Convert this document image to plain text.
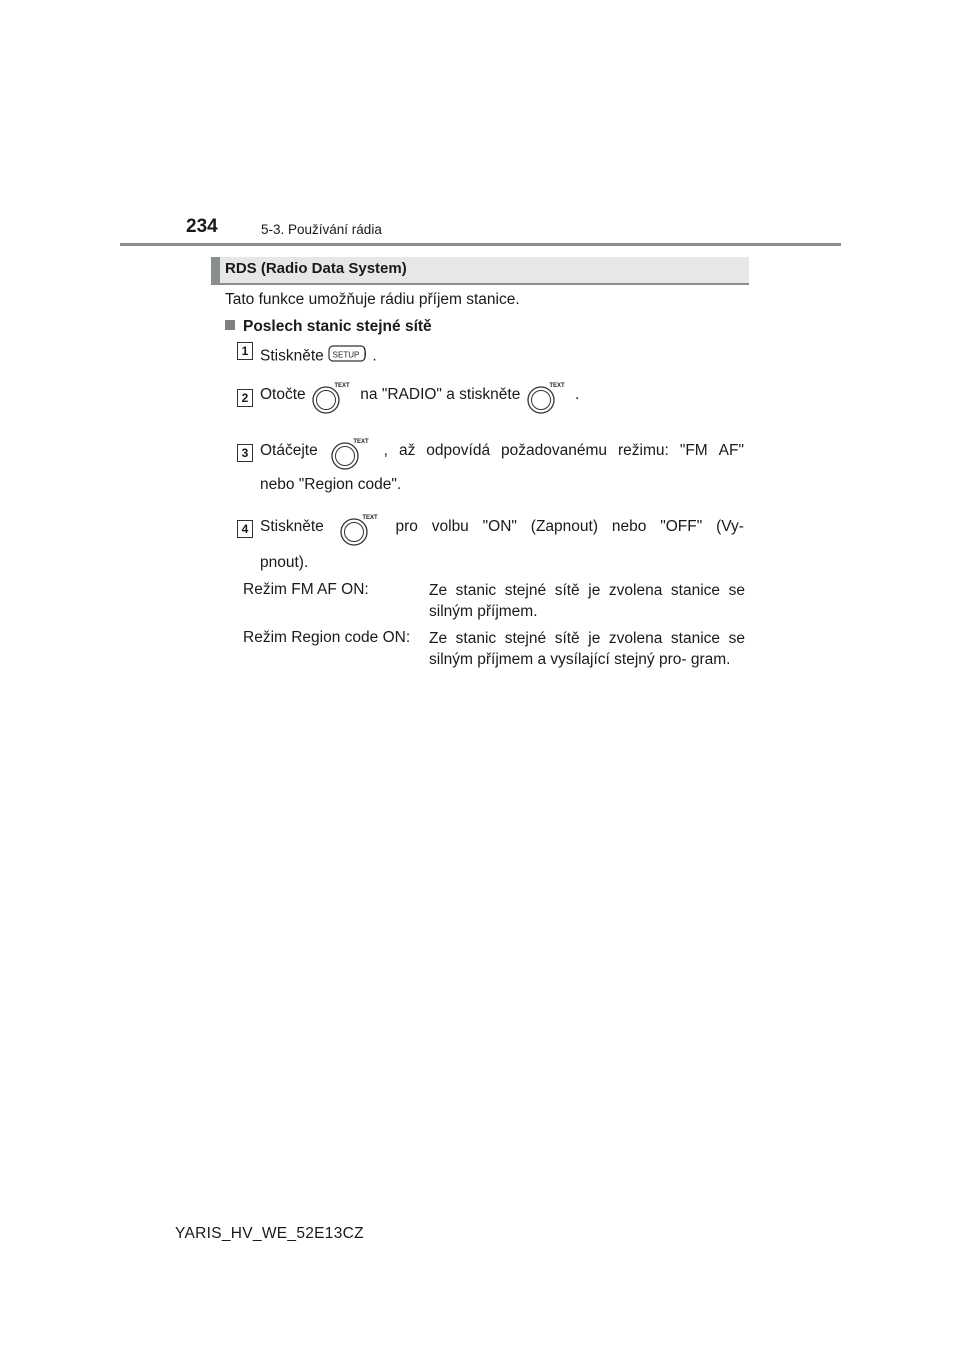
234	5-3. Používání rádia
RDS (Radio Data System)
Tato funkce umožňuje rádiu příjem stanice.
Poslech stanic stejné sítě
1 Stiskněte SETUP .
2 Otočte
TEXT
na "RADIO" a stiskněte
TEXT
.
3 Otáčejte	TEXT , až odpovídá požadovanému režimu: "FM AF"
nebo "Region code".
4 Stiskněte	TEXT pro volbu "ON" (Zapnout) nebo "OFF" (Vy-
pnout).
Režim FM AF ON:	Ze stanic stejné sítě je zvolena stanice se silným příjmem.
Režim Region code ON: Ze stanic stejné sítě je zvolena stanice se silným příjmem a vysílající stejný pro- gram.
YARIS_HV_WE_52E13CZ
